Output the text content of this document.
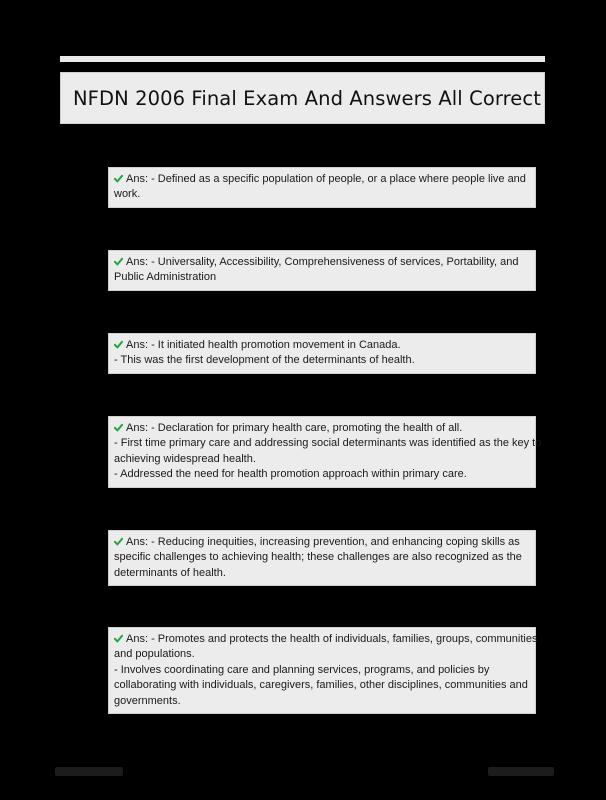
NFDN 2006 Final Exam And Answers All Correct
Ans: - Defined as a specific population of people, or a place where people live and
work.
Ans: - Universality, Accessibility, Comprehensiveness of services, Portability, and
Public Administration
Ans: - It initiated health promotion movement in Canada.
- This was the first development of the determinants of health.
Ans: - Declaration for primary health care, promoting the health of all.
- First time primary care and addressing social determinants was identified as the key to
achieving widespread health.
- Addressed the need for health promotion approach within primary care.
Ans: - Reducing inequities, increasing prevention, and enhancing coping skills as
specific challenges to achieving health; these challenges are also recognized as the
determinants of health.
Ans: - Promotes and protects the health of individuals, families, groups, communities
and populations.
- Involves coordinating care and planning services, programs, and policies by
collaborating with individuals, caregivers, families, other disciplines, communities and
governments.
